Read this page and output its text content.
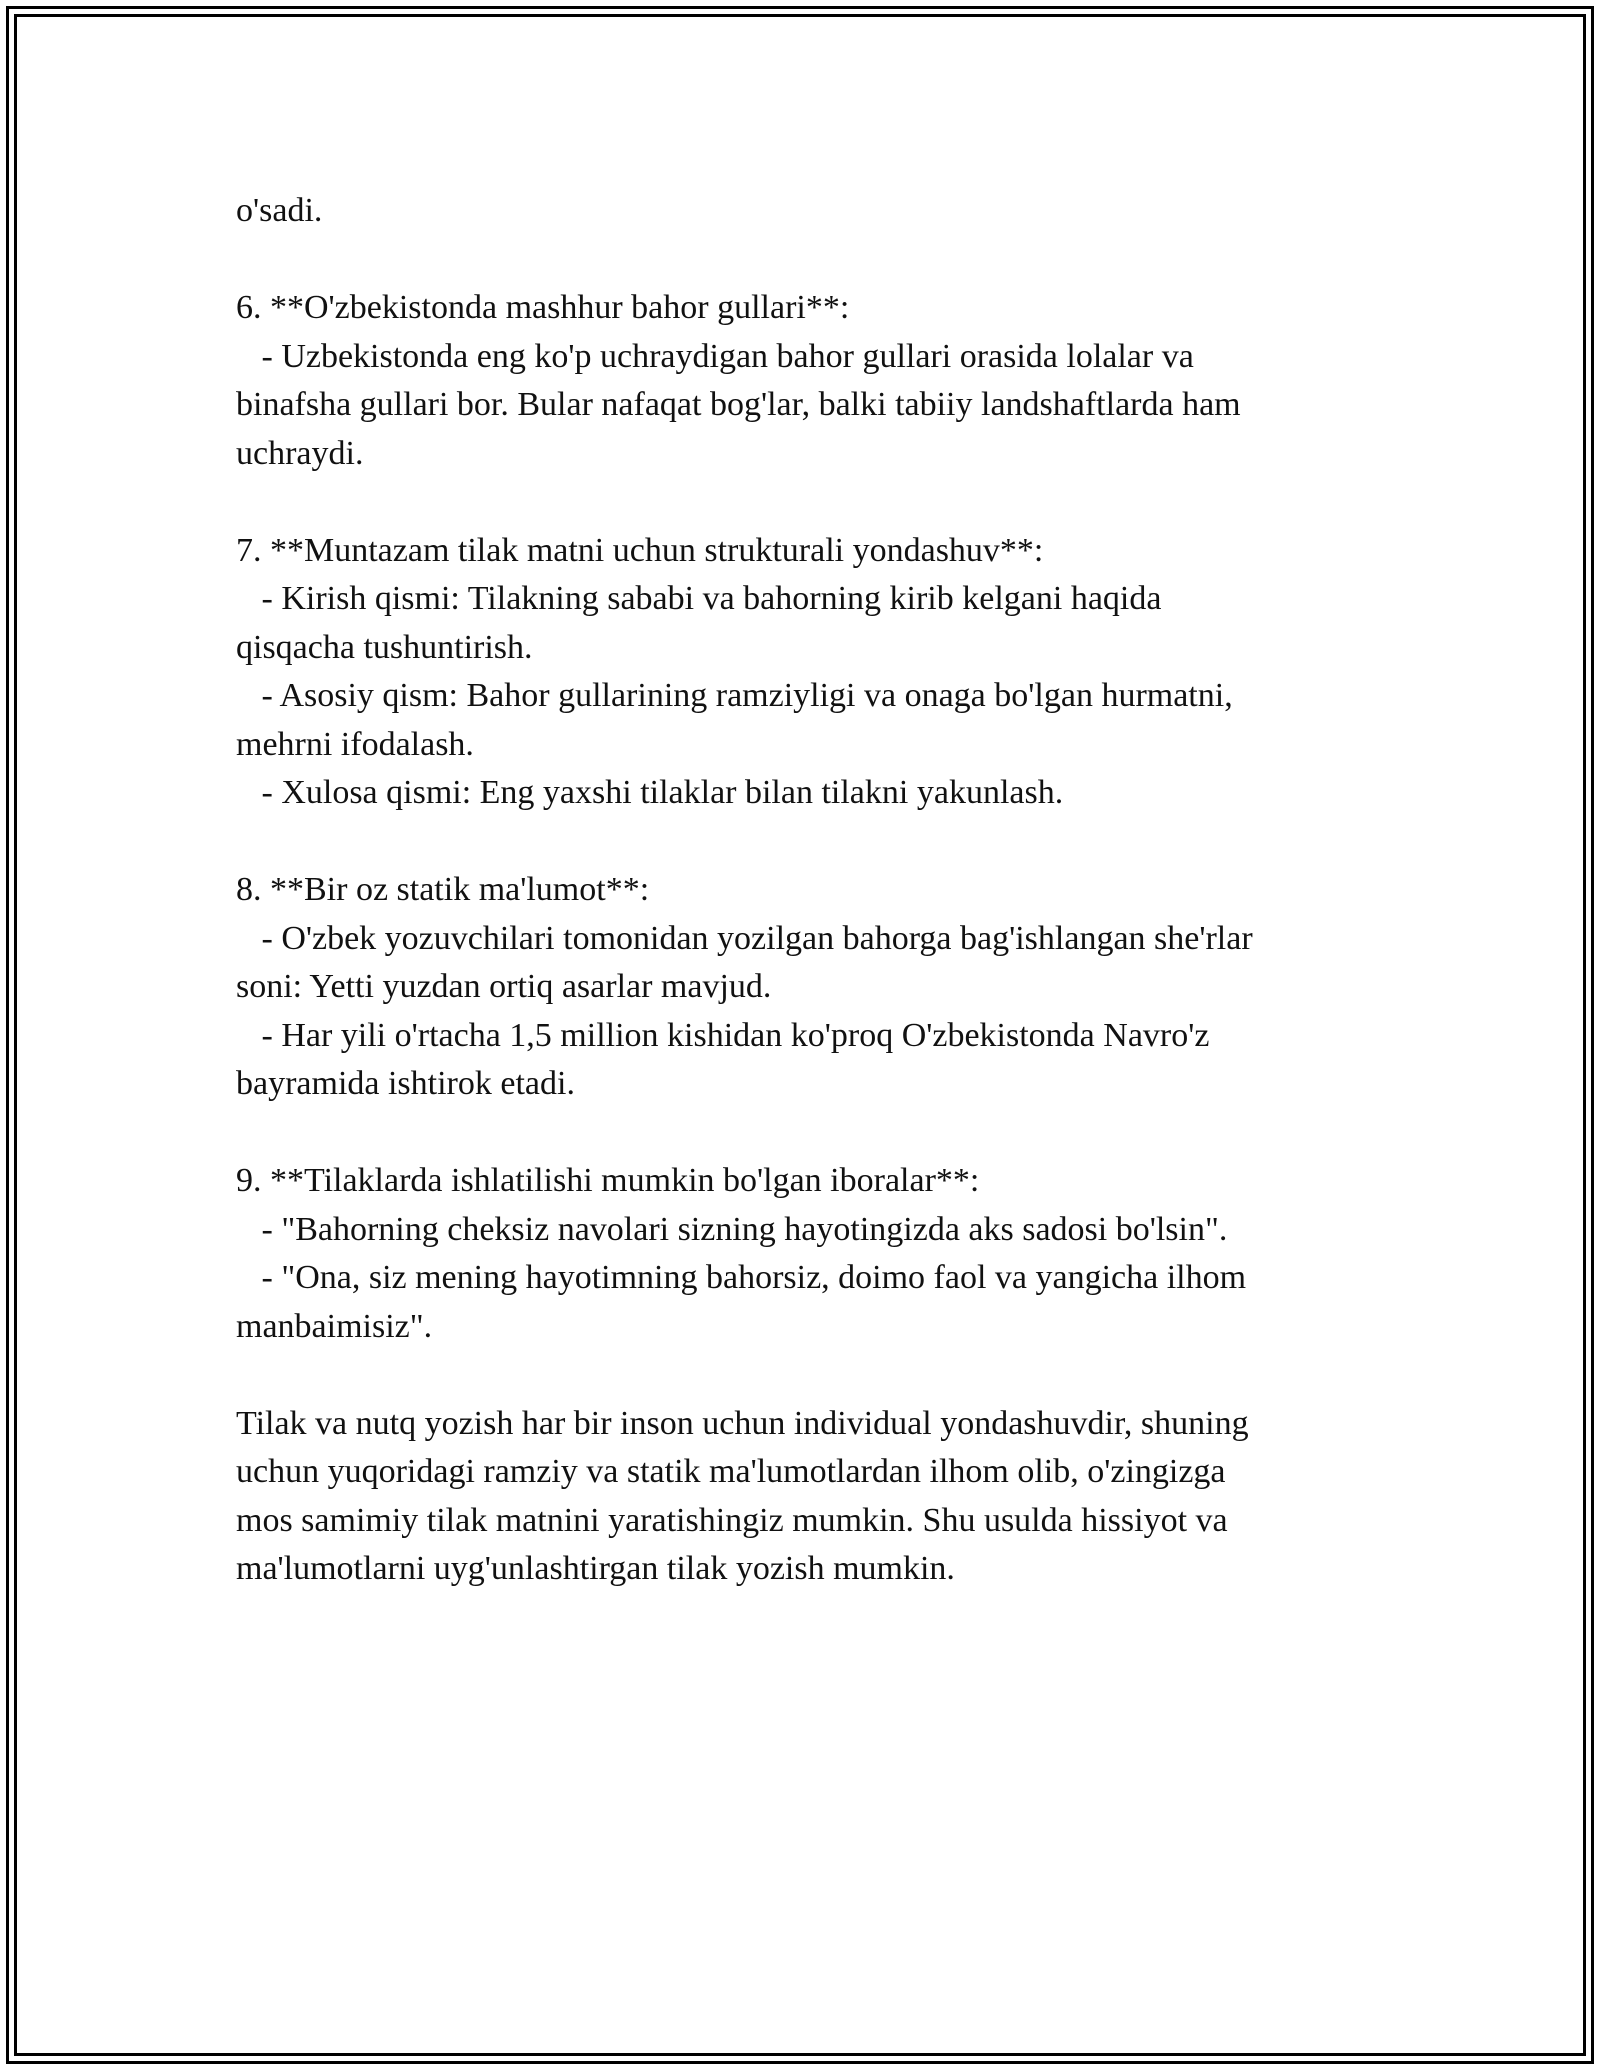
o'sadi.
6. **O'zbekistonda mashhur bahor gullari**:
- Uzbekistonda eng ko'p uchraydigan bahor gullari orasida lolalar va
binafsha gullari bor. Bular nafaqat bog'lar, balki tabiiy landshaftlarda ham
uchraydi.
7. **Muntazam tilak matni uchun strukturali yondashuv**:
- Kirish qismi: Tilakning sababi va bahorning kirib kelgani haqida
qisqacha tushuntirish.
- Asosiy qism: Bahor gullarining ramziyligi va onaga bo'lgan hurmatni,
mehrni ifodalash.
- Xulosa qismi: Eng yaxshi tilaklar bilan tilakni yakunlash.
8. **Bir oz statik ma'lumot**:
- O'zbek yozuvchilari tomonidan yozilgan bahorga bag'ishlangan she'rlar
soni: Yetti yuzdan ortiq asarlar mavjud.
- Har yili o'rtacha 1,5 million kishidan ko'proq O'zbekistonda Navro'z
bayramida ishtirok etadi.
9. **Tilaklarda ishlatilishi mumkin bo'lgan iboralar**:
- "Bahorning cheksiz navolari sizning hayotingizda aks sadosi bo'lsin".
- "Ona, siz mening hayotimning bahorsiz, doimo faol va yangicha ilhom
manbaimisiz".
Tilak va nutq yozish har bir inson uchun individual yondashuvdir, shuning
uchun yuqoridagi ramziy va statik ma'lumotlardan ilhom olib, o'zingizga
mos samimiy tilak matnini yaratishingiz mumkin. Shu usulda hissiyot va
ma'lumotlarni uyg'unlashtirgan tilak yozish mumkin.
